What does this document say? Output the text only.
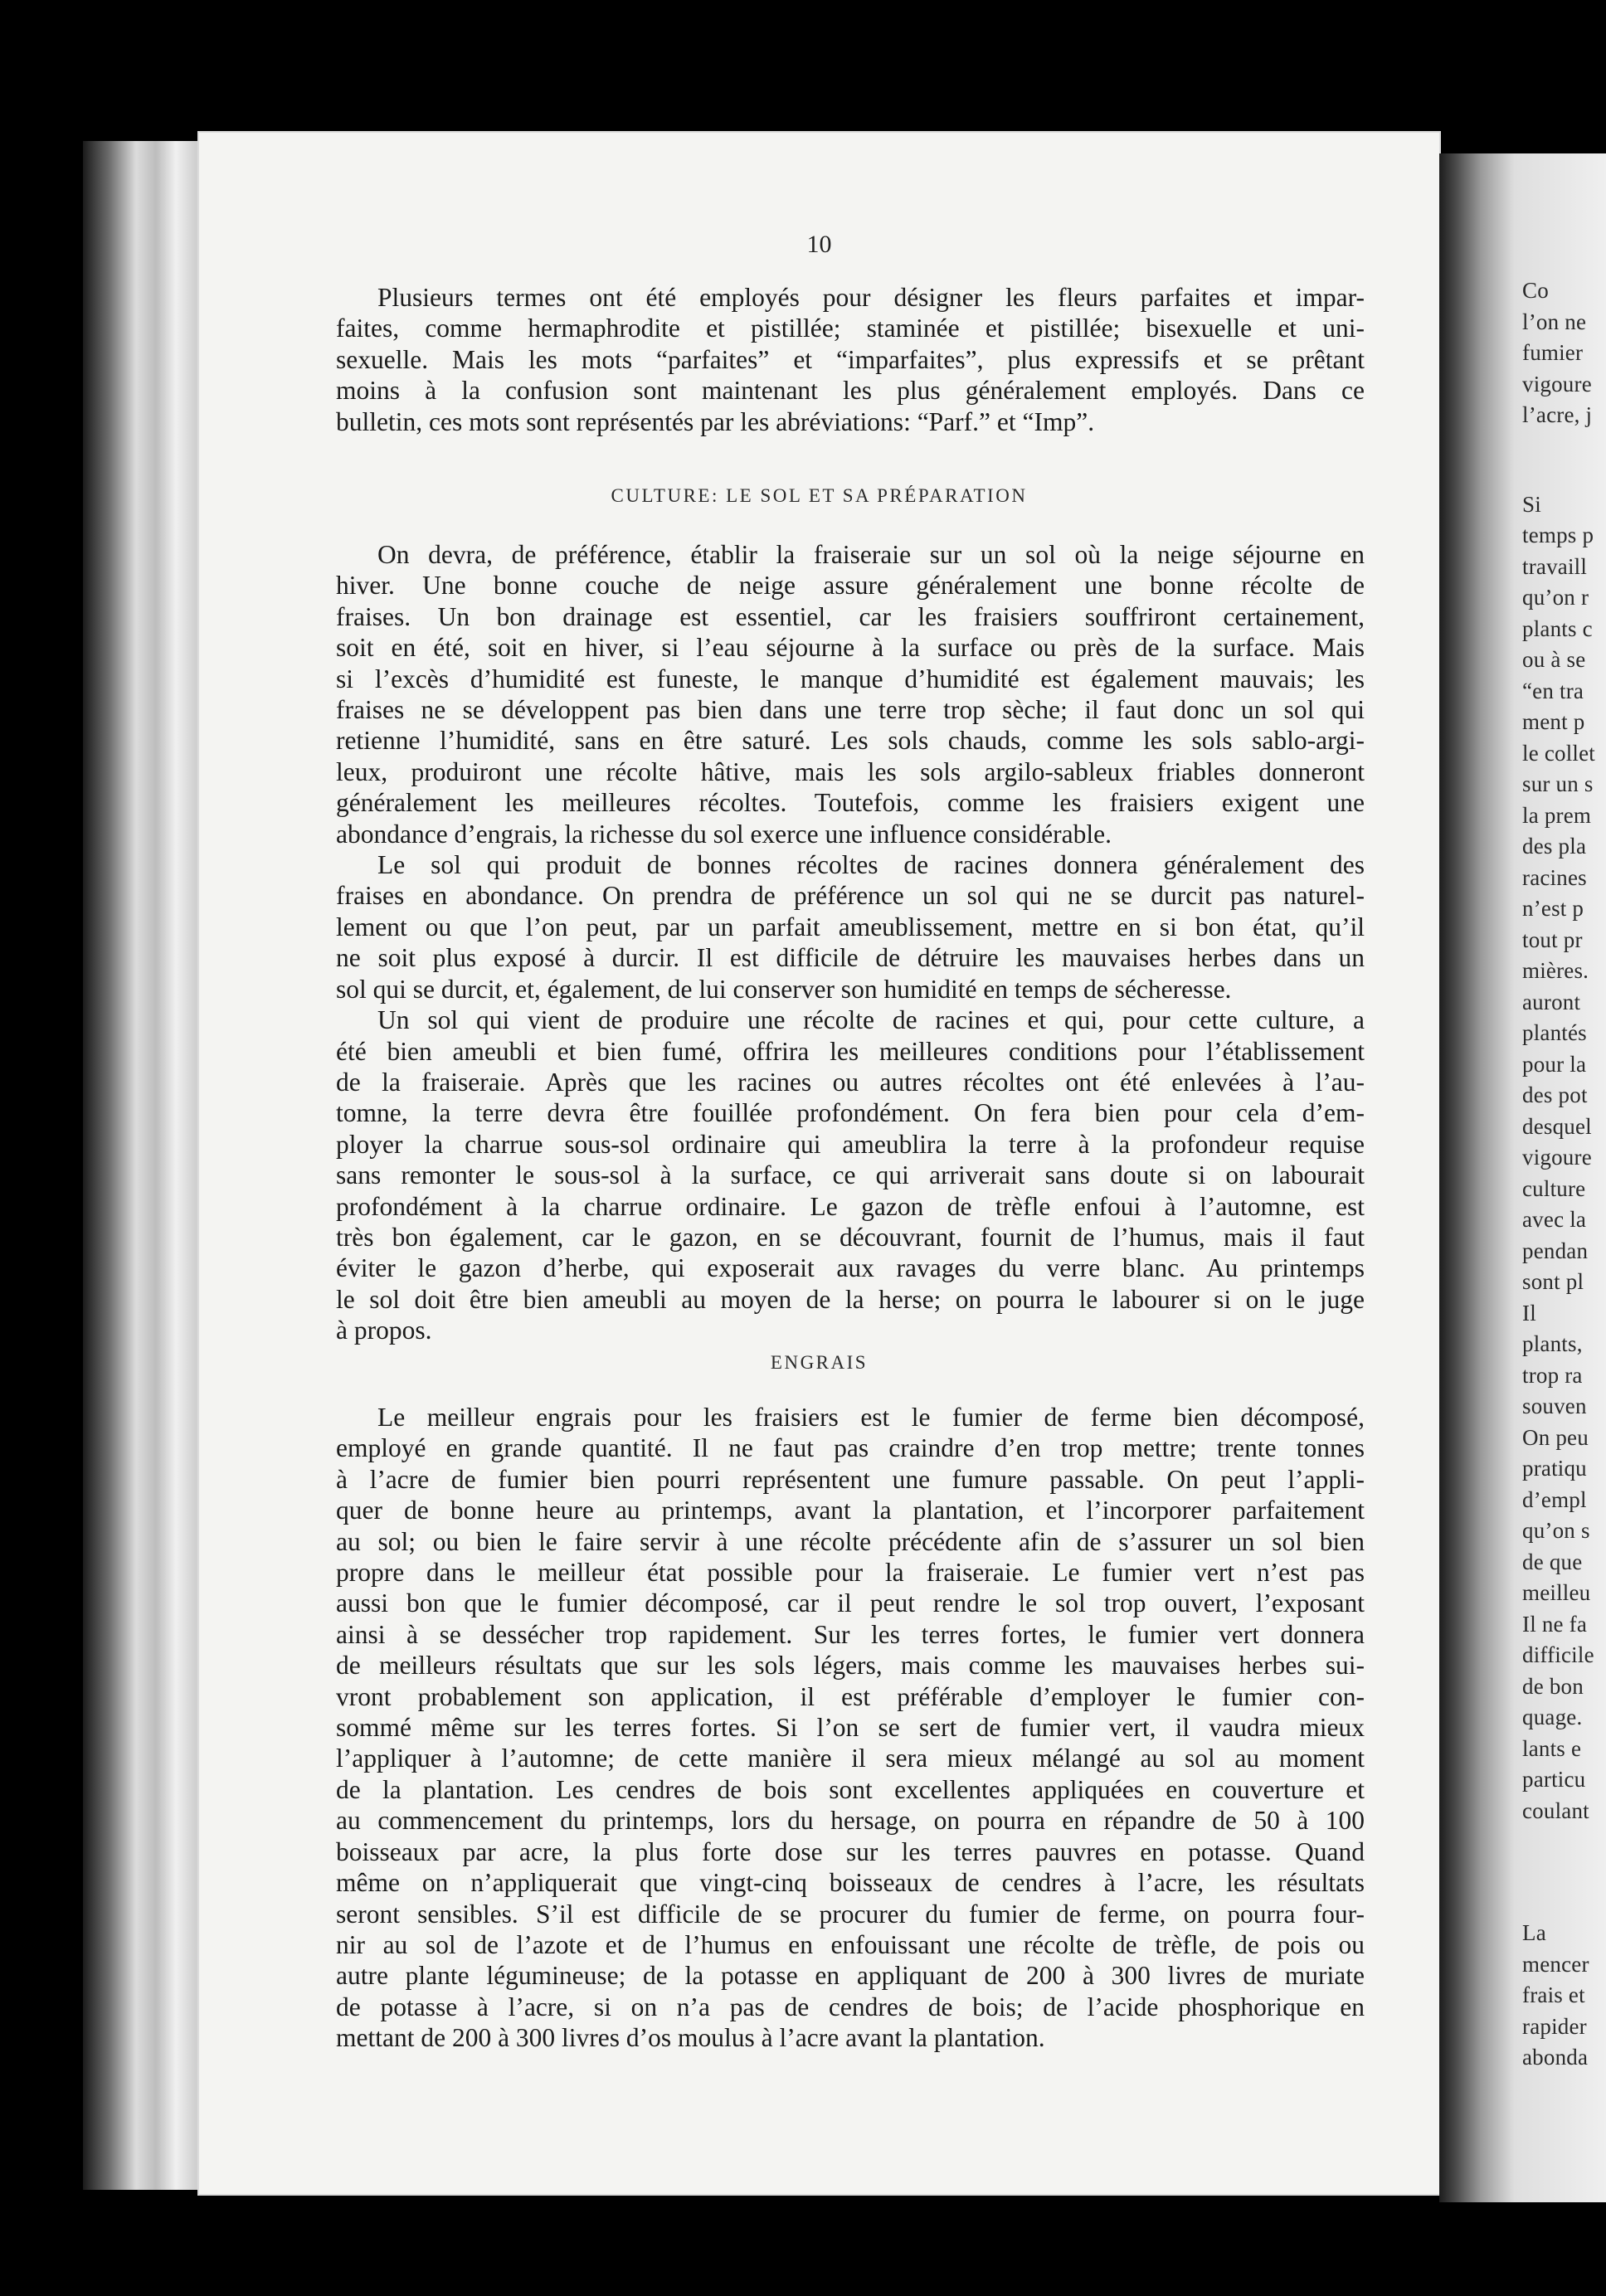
10
Plusieurs termes ont été employés pour désigner les fleurs parfaites et impar-
faites, comme hermaphrodite et pistillée; staminée et pistillée; bisexuelle et uni-
sexuelle. Mais les mots “parfaites” et “imparfaites”, plus expressifs et se prêtant
moins à la confusion sont maintenant les plus généralement employés. Dans ce
bulletin, ces mots sont représentés par les abréviations: “Parf.” et “Imp”.
CULTURE: LE SOL ET SA PRÉPARATION
On devra, de préférence, établir la fraiseraie sur un sol où la neige séjourne en
hiver. Une bonne couche de neige assure généralement une bonne récolte de
fraises. Un bon drainage est essentiel, car les fraisiers souffriront certainement,
soit en été, soit en hiver, si l’eau séjourne à la surface ou près de la surface. Mais
si l’excès d’humidité est funeste, le manque d’humidité est également mauvais; les
fraises ne se développent pas bien dans une terre trop sèche; il faut donc un sol qui
retienne l’humidité, sans en être saturé. Les sols chauds, comme les sols sablo-argi-
leux, produiront une récolte hâtive, mais les sols argilo-sableux friables donneront
généralement les meilleures récoltes. Toutefois, comme les fraisiers exigent une
abondance d’engrais, la richesse du sol exerce une influence considérable.
Le sol qui produit de bonnes récoltes de racines donnera généralement des
fraises en abondance. On prendra de préférence un sol qui ne se durcit pas naturel-
lement ou que l’on peut, par un parfait ameublissement, mettre en si bon état, qu’il
ne soit plus exposé à durcir. Il est difficile de détruire les mauvaises herbes dans un
sol qui se durcit, et, également, de lui conserver son humidité en temps de sécheresse.
Un sol qui vient de produire une récolte de racines et qui, pour cette culture, a
été bien ameubli et bien fumé, offrira les meilleures conditions pour l’établissement
de la fraiseraie. Après que les racines ou autres récoltes ont été enlevées à l’au-
tomne, la terre devra être fouillée profondément. On fera bien pour cela d’em-
ployer la charrue sous-sol ordinaire qui ameublira la terre à la profondeur requise
sans remonter le sous-sol à la surface, ce qui arriverait sans doute si on labourait
profondément à la charrue ordinaire. Le gazon de trèfle enfoui à l’automne, est
très bon également, car le gazon, en se découvrant, fournit de l’humus, mais il faut
éviter le gazon d’herbe, qui exposerait aux ravages du verre blanc. Au printemps
le sol doit être bien ameubli au moyen de la herse; on pourra le labourer si on le juge
à propos.
ENGRAIS
Le meilleur engrais pour les fraisiers est le fumier de ferme bien décomposé,
employé en grande quantité. Il ne faut pas craindre d’en trop mettre; trente tonnes
à l’acre de fumier bien pourri représentent une fumure passable. On peut l’appli-
quer de bonne heure au printemps, avant la plantation, et l’incorporer parfaitement
au sol; ou bien le faire servir à une récolte précédente afin de s’assurer un sol bien
propre dans le meilleur état possible pour la fraiseraie. Le fumier vert n’est pas
aussi bon que le fumier décomposé, car il peut rendre le sol trop ouvert, l’exposant
ainsi à se dessécher trop rapidement. Sur les terres fortes, le fumier vert donnera
de meilleurs résultats que sur les sols légers, mais comme les mauvaises herbes sui-
vront probablement son application, il est préférable d’employer le fumier con-
sommé même sur les terres fortes. Si l’on se sert de fumier vert, il vaudra mieux
l’appliquer à l’automne; de cette manière il sera mieux mélangé au sol au moment
de la plantation. Les cendres de bois sont excellentes appliquées en couverture et
au commencement du printemps, lors du hersage, on pourra en répandre de 50 à 100
boisseaux par acre, la plus forte dose sur les terres pauvres en potasse. Quand
même on n’appliquerait que vingt-cinq boisseaux de cendres à l’acre, les résultats
seront sensibles. S’il est difficile de se procurer du fumier de ferme, on pourra four-
nir au sol de l’azote et de l’humus en enfouissant une récolte de trèfle, de pois ou
autre plante légumineuse; de la potasse en appliquant de 200 à 300 livres de muriate
de potasse à l’acre, si on n’a pas de cendres de bois; de l’acide phosphorique en
mettant de 200 à 300 livres d’os moulus à l’acre avant la plantation.
Co
l’on ne
fumier
vigoure
l’acre, j
Si
temps p
travaill
qu’on r
plants c
ou à se
“en tra
ment p
le collet
sur un s
la prem
des pla
racines
n’est p
tout pr
mières.
auront
plantés
pour la
des pot
desquel
vigoure
culture
avec la
pendan
sont pl
Il
plants,
trop ra
souven
On peu
pratiqu
d’empl
qu’on s
de que
meilleu
Il ne fa
difficile
de bon
quage.
lants e
particu
coulant
La
mencer
frais et
rapider
abonda
